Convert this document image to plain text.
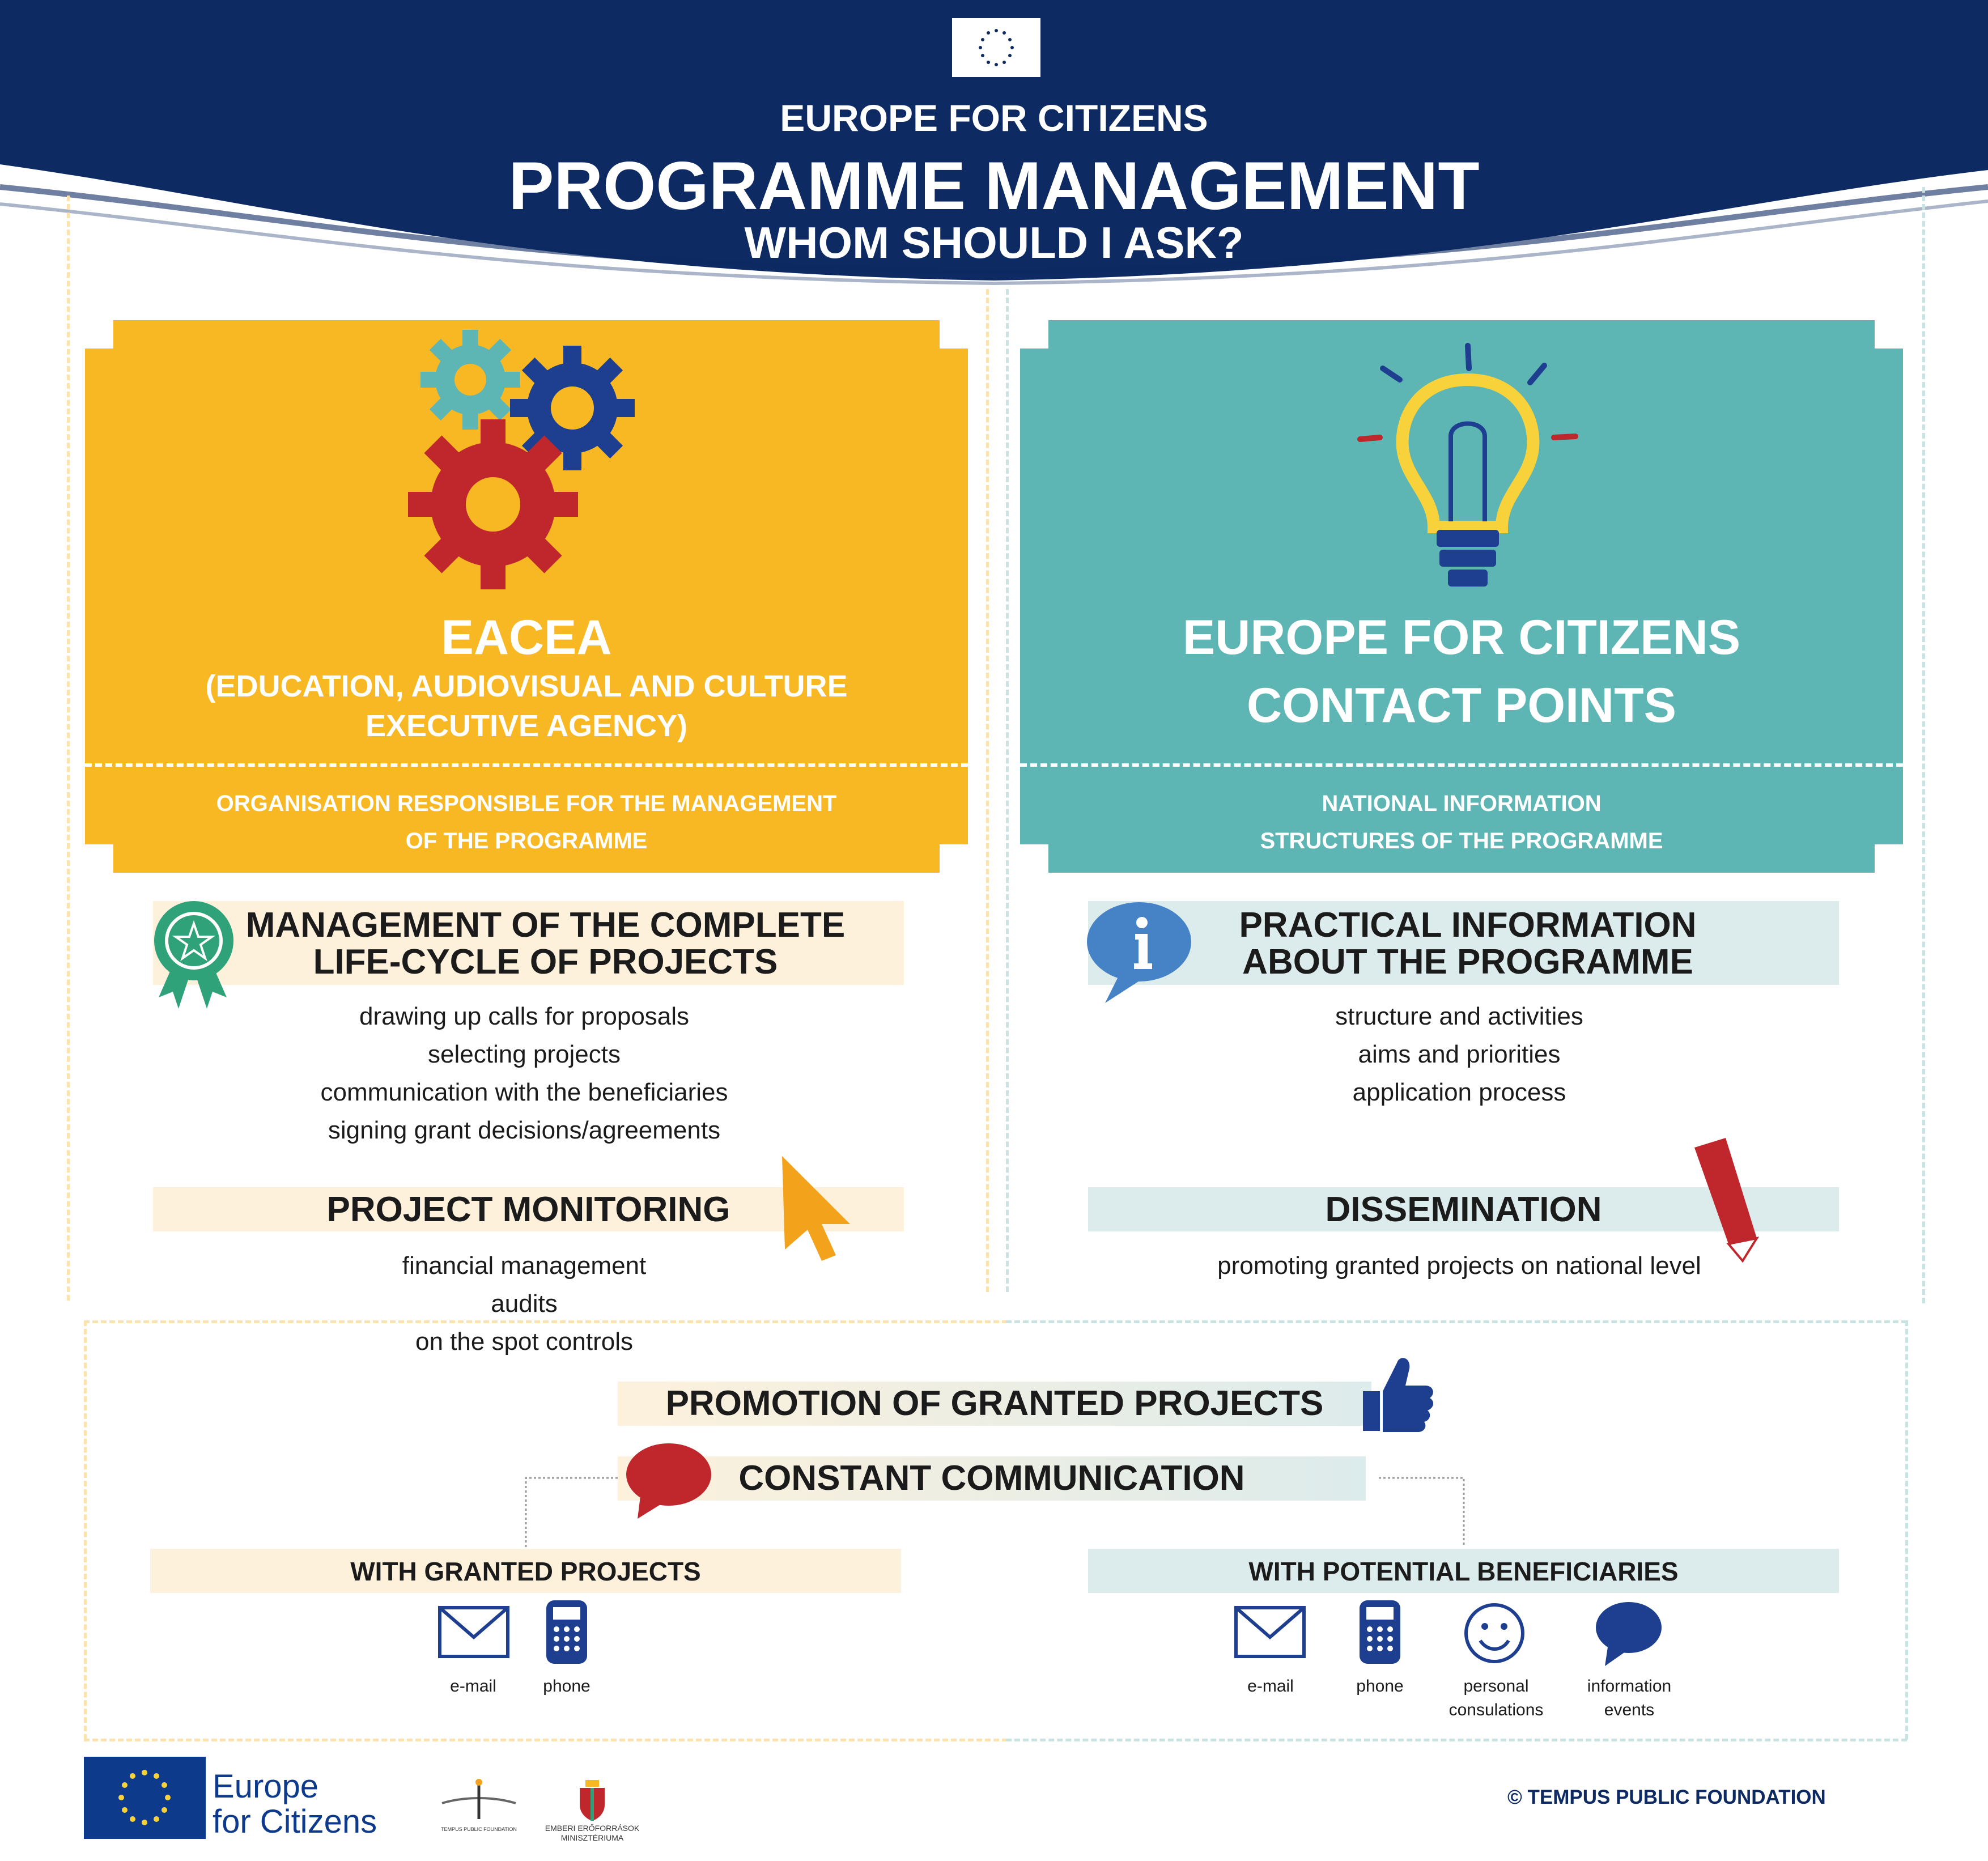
EUROPE FOR CITIZENS
PROGRAMME MANAGEMENT
WHOM SHOULD I ASK?
EACEA
(EDUCATION, AUDIOVISUAL AND CULTURE
EXECUTIVE AGENCY)
ORGANISATION RESPONSIBLE FOR THE MANAGEMENT
OF THE PROGRAMME
EUROPE FOR CITIZENS
CONTACT POINTS
NATIONAL INFORMATION
STRUCTURES OF THE PROGRAMME
MANAGEMENT OF THE COMPLETE
LIFE-CYCLE OF PROJECTS
drawing up calls for proposals
selecting projects
communication with the beneficiaries
signing grant decisions/agreements
PROJECT MONITORING
financial management
audits
on the spot controls
PRACTICAL INFORMATION
ABOUT THE PROGRAMME
structure and activities
aims and priorities
application process
DISSEMINATION
promoting granted projects on national level
PROMOTION OF GRANTED PROJECTS
CONSTANT COMMUNICATION
WITH GRANTED PROJECTS
e-mail	phone
WITH POTENTIAL BENEFICIARIES
e-mail	phone	personal
consulations
information
events
Europe
for Citizens	TEMPUS PUBLIC FOUNDATION	EMBERI ERŐFORRÁSOK
MINISZTÉRIUMA
© TEMPUS PUBLIC FOUNDATION
